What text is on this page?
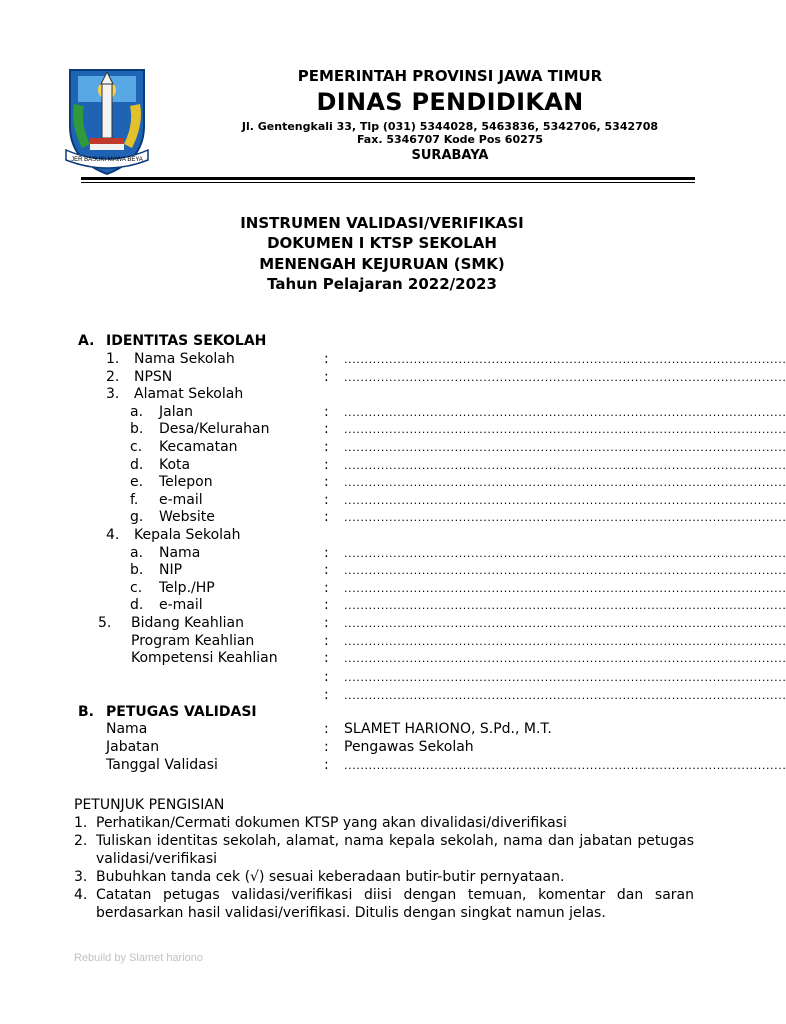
JER BASUKI MAWA BEYA
PEMERINTAH PROVINSI JAWA TIMUR
DINAS PENDIDIKAN
Jl. Gentengkali 33, Tlp (031) 5344028, 5463836, 5342706, 5342708
Fax. 5346707 Kode Pos 60275
SURABAYA
INSTRUMEN VALIDASI/VERIFIKASI
DOKUMEN I KTSP SEKOLAH
MENENGAH KEJURUAN (SMK)
Tahun Pelajaran 2022/2023
A. IDENTITAS SEKOLAH
1. Nama Sekolah	: ............................................................................................................
2. NPSN	: ............................................................................................................
3. Alamat Sekolah
a. Jalan	: ............................................................................................................
b. Desa/Kelurahan	: ............................................................................................................
c. Kecamatan	: ............................................................................................................
d. Kota	: ............................................................................................................
e. Telepon	: ............................................................................................................
f. e-mail	: ............................................................................................................
g. Website	: ............................................................................................................
4. Kepala Sekolah
a. Nama	: ............................................................................................................
b. NIP	: ............................................................................................................
c. Telp./HP	: ............................................................................................................
d. e-mail	: ............................................................................................................
5. Bidang Keahlian	: ............................................................................................................
Program Keahlian	: ............................................................................................................
Kompetensi Keahlian	: ............................................................................................................
: ............................................................................................................
: ............................................................................................................
B. PETUGAS VALIDASI
Nama	: SLAMET HARIONO, S.Pd., M.T.
Jabatan	: Pengawas Sekolah
Tanggal Validasi	: ............................................................................................................
PETUNJUK PENGISIAN
1. Perhatikan/Cermati dokumen KTSP yang akan divalidasi/diverifikasi
2. Tuliskan identitas sekolah, alamat, nama kepala sekolah, nama dan jabatan petugas
validasi/verifikasi
3. Bubuhkan tanda cek (√) sesuai keberadaan butir-butir pernyataan.
4. Catatan petugas validasi/verifikasi diisi dengan temuan, komentar dan saran
berdasarkan hasil validasi/verifikasi. Ditulis dengan singkat namun jelas.
Rebuild by Slamet hariono
